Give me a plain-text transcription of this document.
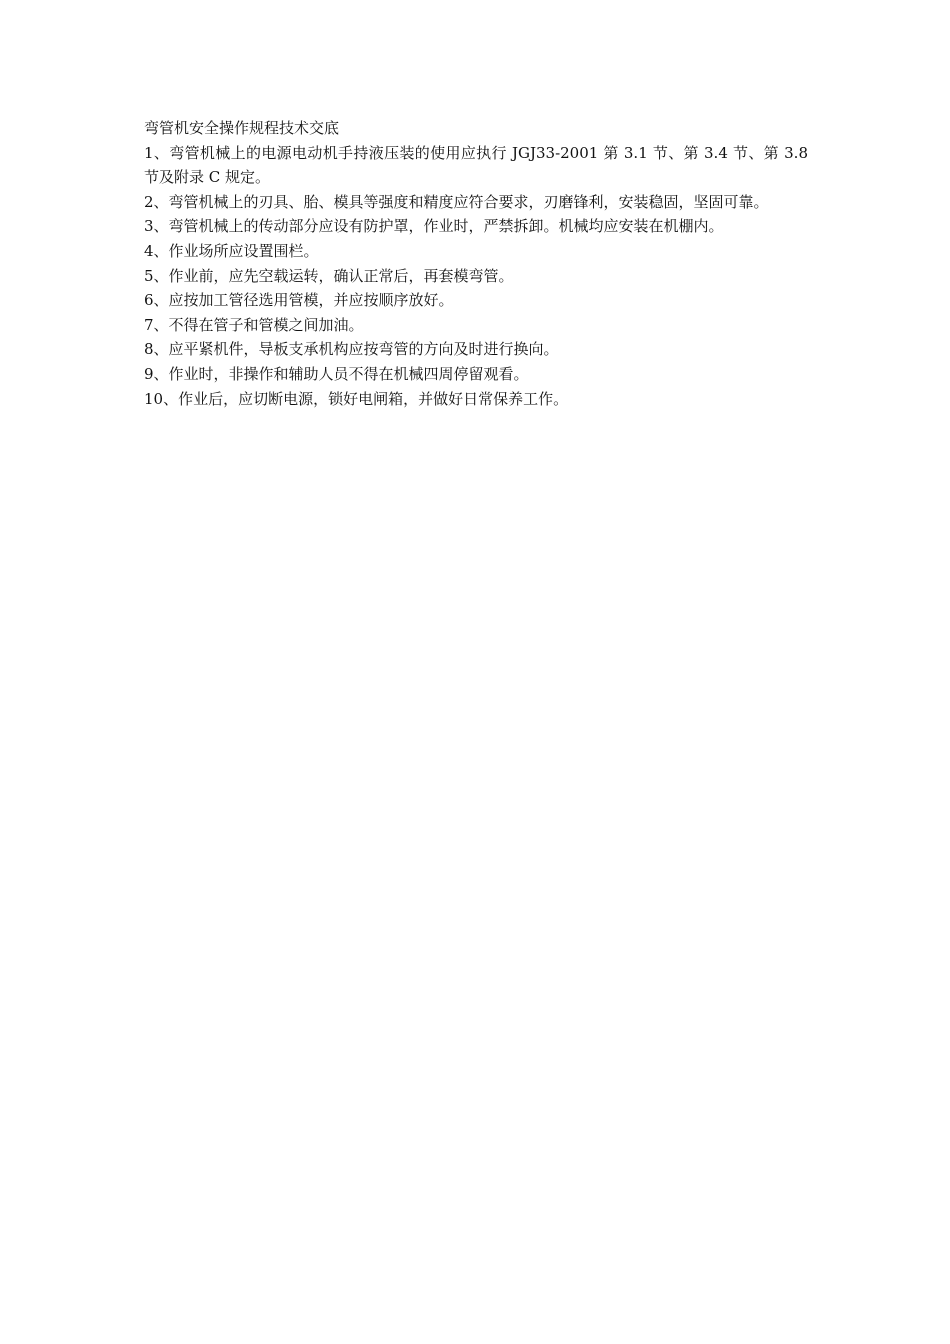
弯管机安全操作规程技术交底

1、弯管机械上的电源电动机手持液压装的使用应执行 JGJ33-2001 第 3.1 节、第 3.4 节、第 3.8 节及附录 C 规定。

2、弯管机械上的刃具、胎、模具等强度和精度应符合要求，刃磨锋利，安装稳固，坚固可靠。

3、弯管机械上的传动部分应设有防护罩，作业时，严禁拆卸。机械均应安装在机棚内。

4、作业场所应设置围栏。

5、作业前，应先空载运转，确认正常后，再套模弯管。

6、应按加工管径选用管模，并应按顺序放好。

7、不得在管子和管模之间加油。

8、应平紧机件，导板支承机构应按弯管的方向及时进行换向。

9、作业时，非操作和辅助人员不得在机械四周停留观看。

10、作业后，应切断电源，锁好电闸箱，并做好日常保养工作。
